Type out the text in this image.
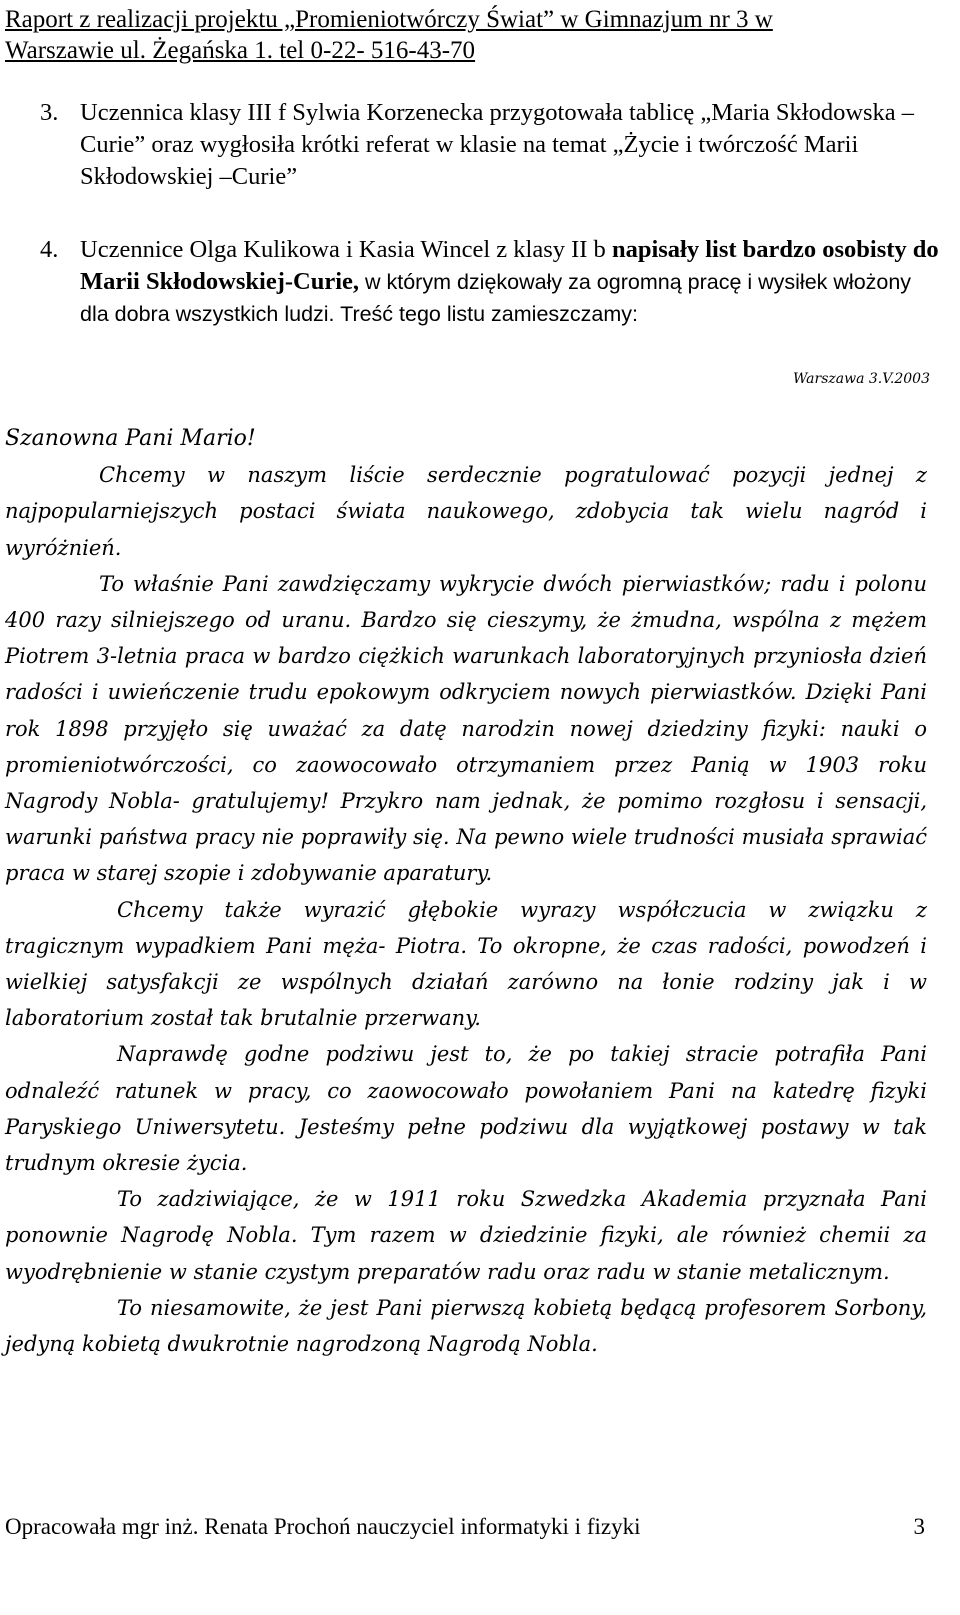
Raport z realizacji projektu „Promieniotwórczy Świat” w Gimnazjum nr 3 w
Warszawie ul. Żegańska 1. tel 0-22- 516-43-70
3. Uczennica klasy III f Sylwia Korzenecka przygotowała tablicę „Maria Skłodowska –Curie” oraz wygłosiła krótki referat w klasie na temat „Życie i twórczość Marii Skłodowskiej –Curie”
4. Uczennice Olga Kulikowa i Kasia Wincel z klasy II b napisały list bardzo osobisty do Marii Skłodowskiej-Curie, w którym dziękowały za ogromną pracę i wysiłek włożony dla dobra wszystkich ludzi. Treść tego listu zamieszczamy:
Warszawa 3.V.2003

Szanowna Pani Mario!

Chcemy w naszym liście serdecznie pogratulować pozycji jednej z najpopularniejszych postaci świata naukowego, zdobycia tak wielu nagród i wyróżnień.

To właśnie Pani zawdzięczamy wykrycie dwóch pierwiastków; radu i polonu 400 razy silniejszego od uranu. Bardzo się cieszymy, że żmudna, wspólna z mężem Piotrem 3-letnia praca w bardzo ciężkich warunkach laboratoryjnych przyniosła dzień radości i uwieńczenie trudu epokowym odkryciem nowych pierwiastków. Dzięki Pani rok 1898 przyjęło się uważać za datę narodzin nowej dziedziny fizyki: nauki o promieniotwórczości, co zaowocowało otrzymaniem przez Panią w 1903 roku Nagrody Nobla- gratulujemy! Przykro nam jednak, że pomimo rozgłosu i sensacji, warunki państwa pracy nie poprawiły się. Na pewno wiele trudności musiała sprawiać praca w starej szopie i zdobywanie aparatury.

Chcemy także wyrazić głębokie wyrazy współczucia w związku z tragicznym wypadkiem Pani męża- Piotra. To okropne, że czas radości, powodzeń i wielkiej satysfakcji ze wspólnych działań zarówno na łonie rodziny jak i w laboratorium został tak brutalnie przerwany.

Naprawdę godne podziwu jest to, że po takiej stracie potrafiła Pani odnaleźć ratunek w pracy, co zaowocowało powołaniem Pani na katedrę fizyki Paryskiego Uniwersytetu. Jesteśmy pełne podziwu dla wyjątkowej postawy w tak trudnym okresie życia.

To zadziwiające, że w 1911 roku Szwedzka Akademia przyznała Pani ponownie Nagrodę Nobla. Tym razem w dziedzinie fizyki, ale również chemii za wyodrębnienie w stanie czystym preparatów radu oraz radu w stanie metalicznym.

To niesamowite, że jest Pani pierwszą kobietą będącą profesorem Sorbony, jedyną kobietą dwukrotnie nagrodzoną Nagrodą Nobla.

Opracowała mgr inż. Renata Prochoń nauczyciel informatyki i fizyki	3
